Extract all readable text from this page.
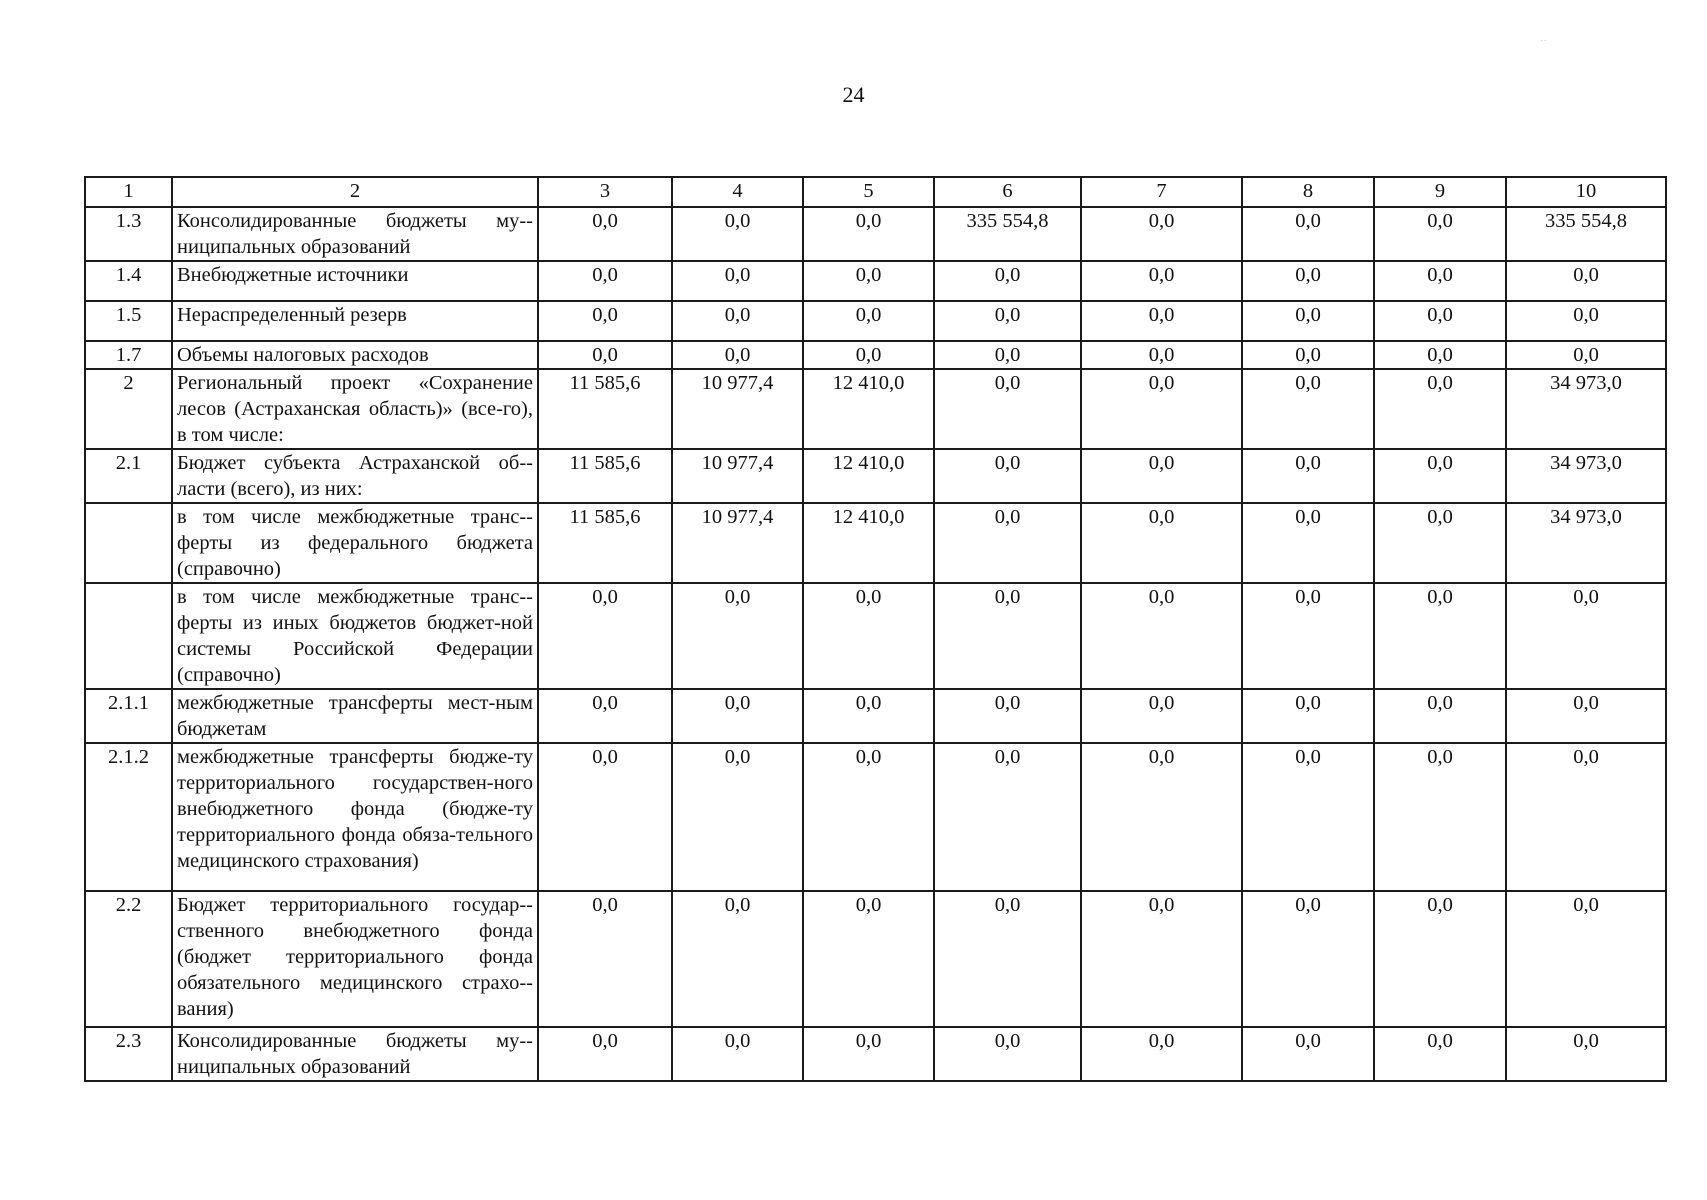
24
1	2	3	4	5	6	7	8	9	10
1.3	Консолидированные бюджеты му-ниципальных образований	0,0	0,0	0,0	335 554,8	0,0	0,0	0,0	335 554,8
1.4	Внебюджетные источники	0,0	0,0	0,0	0,0	0,0	0,0	0,0	0,0
1.5	Нераспределенный резерв	0,0	0,0	0,0	0,0	0,0	0,0	0,0	0,0
1.7	Объемы налоговых расходов	0,0	0,0	0,0	0,0	0,0	0,0	0,0	0,0
2	Региональный проект «Сохранение лесов (Астраханская область)» (все-го), в том числе:	11 585,6	10 977,4	12 410,0	0,0	0,0	0,0	0,0	34 973,0
2.1	Бюджет субъекта Астраханской об-ласти (всего), из них:	11 585,6	10 977,4	12 410,0	0,0	0,0	0,0	0,0	34 973,0
	в том числе межбюджетные транс-ферты из федерального бюджета (справочно)	11 585,6	10 977,4	12 410,0	0,0	0,0	0,0	0,0	34 973,0
	в том числе межбюджетные транс-ферты из иных бюджетов бюджет-ной системы Российской Федерации (справочно)	0,0	0,0	0,0	0,0	0,0	0,0	0,0	0,0
2.1.1	межбюджетные трансферты мест-ным бюджетам	0,0	0,0	0,0	0,0	0,0	0,0	0,0	0,0
2.1.2	межбюджетные трансферты бюдже-ту территориального государствен-ного внебюджетного фонда (бюдже-ту территориального фонда обяза-тельного медицинского страхования)	0,0	0,0	0,0	0,0	0,0	0,0	0,0	0,0
2.2	Бюджет территориального государ-ственного внебюджетного фонда (бюджет территориального фонда обязательного медицинского страхо-вания)	0,0	0,0	0,0	0,0	0,0	0,0	0,0	0,0
2.3	Консолидированные бюджеты му-ниципальных образований	0,0	0,0	0,0	0,0	0,0	0,0	0,0	0,0
··
